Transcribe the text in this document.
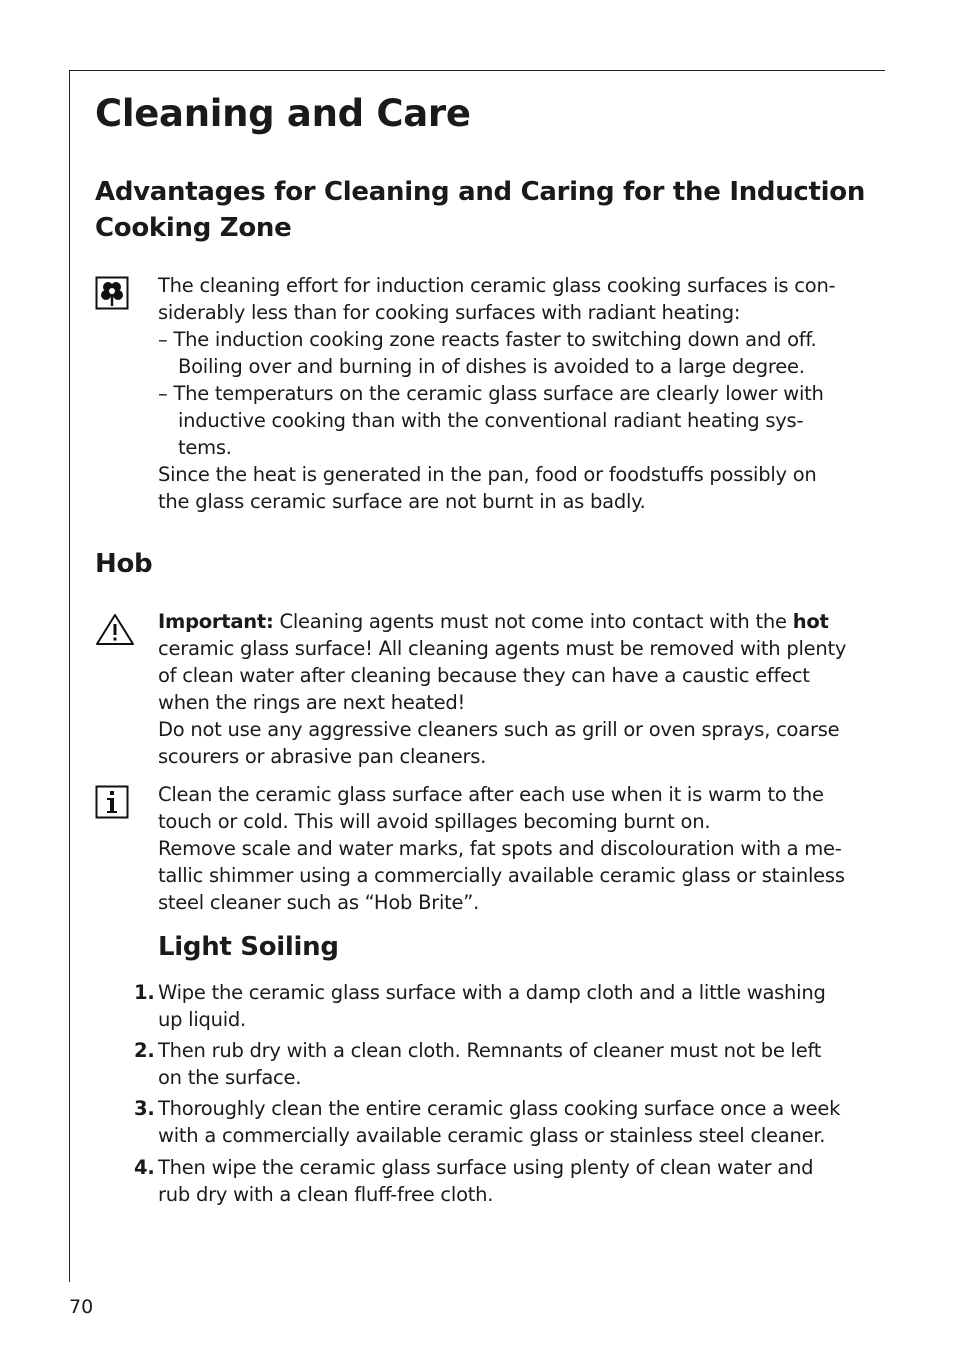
Cleaning and Care
Advantages for Cleaning and Caring for the Induction
Cooking Zone

The cleaning effort for induction ceramic glass cooking surfaces is con-
siderably less than for cooking surfaces with radiant heating:

– The induction cooking zone reacts faster to switching down and off.
Boiling over and burning in of dishes is avoided to a large degree.

– The temperaturs on the ceramic glass surface are clearly lower with
inductive cooking than with the conventional radiant heating sys-
tems.

Since the heat is generated in the pan, food or foodstuffs possibly on
the glass ceramic surface are not burnt in as badly.

Hob

Important: Cleaning agents must not come into contact with the hot
ceramic glass surface! All cleaning agents must be removed with plenty
of clean water after cleaning because they can have a caustic effect
when the rings are next heated!
Do not use any aggressive cleaners such as grill or oven sprays, coarse
scourers or abrasive pan cleaners.

Clean the ceramic glass surface after each use when it is warm to the
touch or cold. This will avoid spillages becoming burnt on.
Remove scale and water marks, fat spots and discolouration with a me-
tallic shimmer using a commercially available ceramic glass or stainless
steel cleaner such as “Hob Brite”.

Light Soiling
1. Wipe the ceramic glass surface with a damp cloth and a little washing
up liquid.
2. Then rub dry with a clean cloth. Remnants of cleaner must not be left
on the surface.
3. Thoroughly clean the entire ceramic glass cooking surface once a week
with a commercially available ceramic glass or stainless steel cleaner.
4. Then wipe the ceramic glass surface using plenty of clean water and
rub dry with a clean fluff-free cloth.
70
